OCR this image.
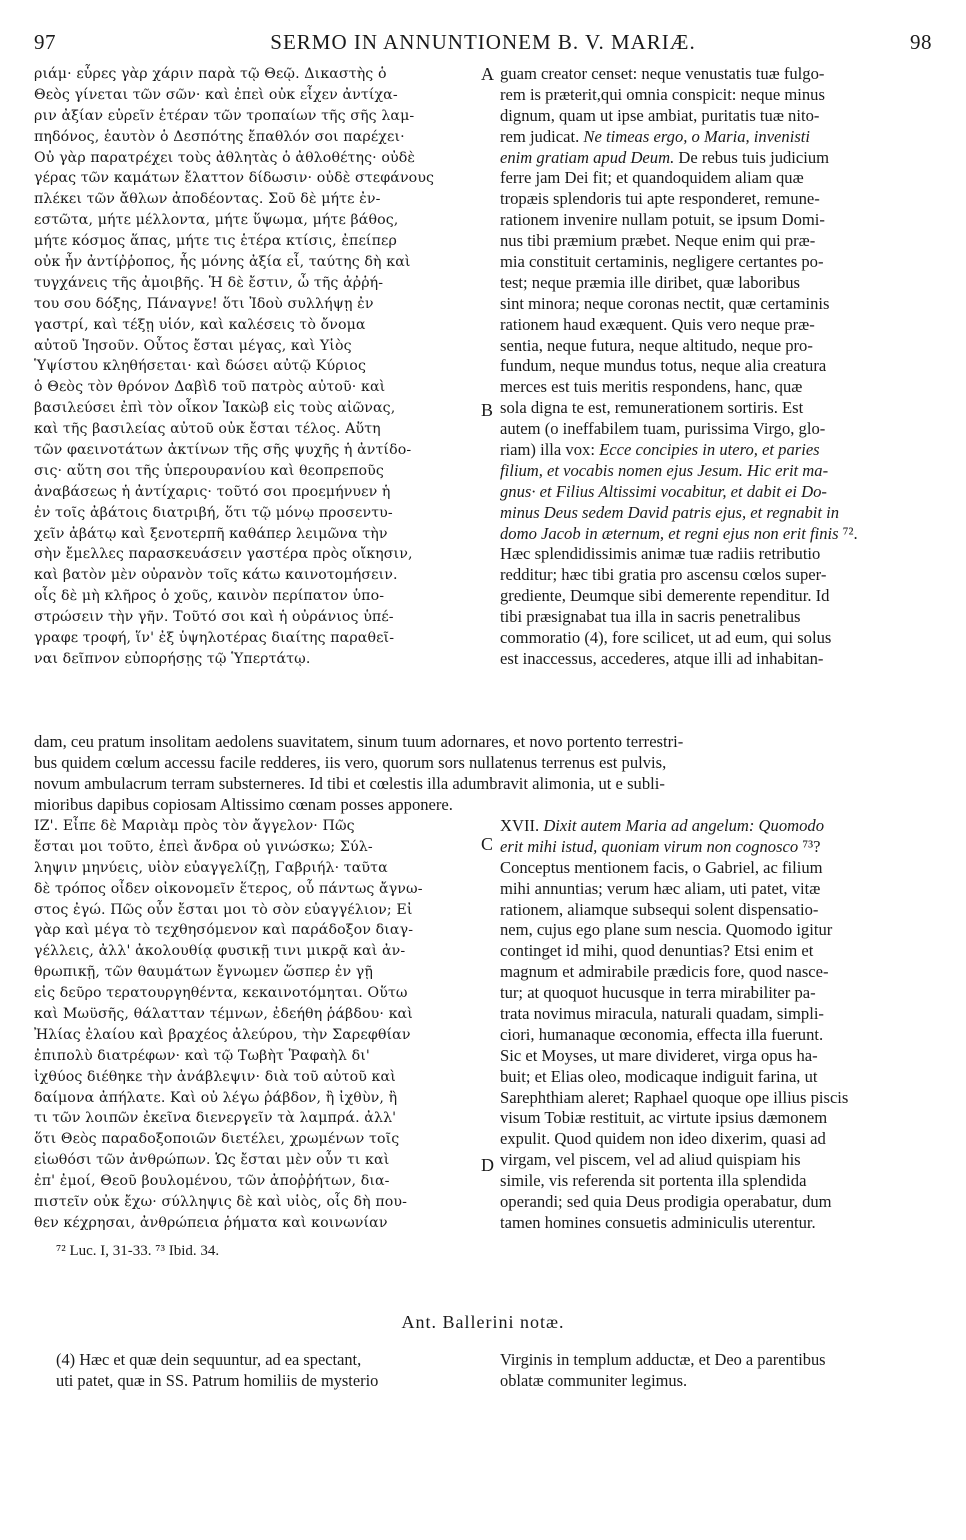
97	SERMO IN ANNUNTIONEM B. V. MARIÆ.	98
ριάμ· εὗρες γὰρ χάριν παρὰ τῷ Θεῷ. Δικαστὴς ὁ
Θεὸς γίνεται τῶν σῶν· καὶ ἐπεὶ οὐκ εἶχεν ἀντίχα-
ριν ἀξίαν εὑρεῖν ἑτέραν τῶν τροπαίων τῆς σῆς λαμ-
πηδόνος, ἑαυτὸν ὁ Δεσπότης ἔπαθλόν σοι παρέχει·
Οὐ γὰρ παρατρέχει τοὺς ἀθλητὰς ὁ ἀθλοθέτης· οὐδὲ
γέρας τῶν καμάτων ἔλαττον δίδωσιν· οὐδὲ στεφάνους
πλέκει τῶν ἄθλων ἀποδέοντας. Σοῦ δὲ μήτε ἐν-
εστῶτα, μήτε μέλλοντα, μήτε ὕψωμα, μήτε βάθος,
μήτε κόσμος ἅπας, μήτε τις ἑτέρα κτίσις, ἐπείπερ
οὐκ ἦν ἀντίῤῥοπος, ἧς μόνης ἀξία εἶ, ταύτης δὴ καὶ
τυγχάνεις τῆς ἀμοιβῆς. Ἡ δὲ ἔστιν, ὦ τῆς ἀῤῥή-
του σου δόξης, Πάναγνε! ὅτι Ἰδοὺ συλλήψῃ ἐν
γαστρί, καὶ τέξῃ υἱόν, καὶ καλέσεις τὸ ὄνομα
αὐτοῦ Ἰησοῦν. Οὗτος ἔσται μέγας, καὶ Υἱὸς
Ὑψίστου κληθήσεται· καὶ δώσει αὐτῷ Κύριος
ὁ Θεὸς τὸν θρόνον Δαβὶδ τοῦ πατρὸς αὐτοῦ· καὶ
βασιλεύσει ἐπὶ τὸν οἶκον Ἰακὼβ εἰς τοὺς αἰῶνας,
καὶ τῆς βασιλείας αὐτοῦ οὐκ ἔσται τέλος. Αὕτη
τῶν φαεινοτάτων ἀκτίνων τῆς σῆς ψυχῆς ἡ ἀντίδο-
σις· αὕτη σοι τῆς ὑπερουρανίου καὶ θεοπρεποῦς
ἀναβάσεως ἡ ἀντίχαρις· τοῦτό σοι προεμήνυεν ἡ
ἐν τοῖς ἀβάτοις διατριβή, ὅτι τῷ μόνῳ προσεντυ-
χεῖν ἀβάτῳ καὶ ξενοτερπῆ καθάπερ λειμῶνα τὴν
σὴν ἔμελλες παρασκευάσειν γαστέρα πρὸς οἴκησιν,
καὶ βατὸν μὲν οὐρανὸν τοῖς κάτω καινοτομήσειν.
οἷς δὲ μὴ κλῆρος ὁ χοῦς, καινὸν περίπατον ὑπο-
στρώσειν τὴν γῆν. Τοῦτό σοι καὶ ἡ οὐράνιος ὑπέ-
γραφε τροφή, ἵν' ἐξ ὑψηλοτέρας διαίτης παραθεῖ-
ναι δεῖπνον εὐπορήσῃς τῷ Ὑπερτάτῳ.
guam creator censet: neque venustatis tuæ fulgo-
rem is præterit,qui omnia conspicit: neque minus
dignum, quam ut ipse ambiat, puritatis tuæ nito-
rem judicat. Ne timeas ergo, o Maria, invenisti
enim gratiam apud Deum. De rebus tuis judicium
ferre jam Dei fit; et quandoquidem aliam quæ
tropæis splendoris tui apte responderet, remune-
rationem invenire nullam potuit, se ipsum Domi-
nus tibi præmium præbet. Neque enim qui præ-
mia constituit certaminis, negligere certantes po-
test; neque præmia ille diribet, quæ laboribus
sint minora; neque coronas nectit, quæ certaminis
rationem haud exæquent. Quis vero neque præ-
sentia, neque futura, neque altitudo, neque pro-
fundum, neque mundus totus, neque alia creatura
merces est tuis meritis respondens, hanc, quæ
sola digna te est, remunerationem sortiris. Est
autem (o ineffabilem tuam, purissima Virgo, glo-
riam) illa vox: Ecce concipies in utero, et paries
filium, et vocabis nomen ejus Jesum. Hic erit ma-
gnus· et Filius Altissimi vocabitur, et dabit ei Do-
minus Deus sedem David patris ejus, et regnabit in
domo Jacob in æternum, et regni ejus non erit finis ⁷².
Hæc splendidissimis animæ tuæ radiis retributio
redditur; hæc tibi gratia pro ascensu cœlos super-
grediente, Deumque sibi demerente rependitur. Id
tibi præsignabat tua illa in sacris penetralibus
commoratio (4), fore scilicet, ut ad eum, qui solus
est inaccessus, accederes, atque illi ad inhabitan-
A
B
C
D
dam, ceu pratum insolitam aedolens suavitatem, sinum tuum adornares, et novo portento terrestri-
bus quidem cœlum accessu facile redderes, iis vero, quorum sors nullatenus terrenus est pulvis,
novum ambulacrum terram substerneres. Id tibi et cœlestis illa adumbravit alimonia, ut e subli-
mioribus dapibus copiosam Altissimo cœnam posses apponere.
ΙΖ'. Εἶπε δὲ Μαριὰμ πρὸς τὸν ἄγγελον· Πῶς
ἔσται μοι τοῦτο, ἐπεὶ ἄνδρα οὐ γινώσκω; Σύλ-
ληψιν μηνύεις, υἱὸν εὐαγγελίζῃ, Γαβριήλ· ταῦτα
δὲ τρόπος οἶδεν οἰκονομεῖν ἕτερος, οὗ πάντως ἄγνω-
στος ἐγώ. Πῶς οὖν ἔσται μοι τὸ σὸν εὐαγγέλιον; Εἰ
γὰρ καὶ μέγα τὸ τεχθησόμενον καὶ παράδοξον διαγ-
γέλλεις, ἀλλ' ἀκολουθίᾳ φυσικῇ τινι μικρᾷ καὶ ἀν-
θρωπικῇ, τῶν θαυμάτων ἔγνωμεν ὥσπερ ἐν γῇ
εἰς δεῦρο τερατουργηθέντα, κεκαινοτόμηται. Οὕτω
καὶ Μωϋσῆς, θάλατταν τέμνων, ἐδεήθη ῥάβδου· καὶ
Ἠλίας ἐλαίου καὶ βραχέος ἀλεύρου, τὴν Σαρεφθίαν
ἐπιπολὺ διατρέφων· καὶ τῷ Τωβὴτ Ῥαφαὴλ δι'
ἰχθύος διέθηκε τὴν ἀνάβλεψιν· διὰ τοῦ αὐτοῦ καὶ
δαίμονα ἀπήλατε. Καὶ οὐ λέγω ῥάβδον, ἢ ἰχθὺν, ἢ
τι τῶν λοιπῶν ἐκεῖνα διενεργεῖν τὰ λαμπρά. ἀλλ'
ὅτι Θεὸς παραδοξοποιῶν διετέλει, χρωμένων τοῖς
εἰωθόσι τῶν ἀνθρώπων. Ὡς ἔσται μὲν οὖν τι καὶ
ἐπ' ἐμοί, Θεοῦ βουλομένου, τῶν ἀποῤῥήτων, δια-
πιστεῖν οὐκ ἔχω· σύλληψις δὲ καὶ υἱὸς, οἷς δὴ που-
θεν κέχρησαι, ἀνθρώπεια ῥήματα καὶ κοινωνίαν
XVII. Dixit autem Maria ad angelum: Quomodo
erit mihi istud, quoniam virum non cognosco ⁷³?
Conceptus mentionem facis, o Gabriel, ac filium
mihi annuntias; verum hæc aliam, uti patet, vitæ
rationem, aliamque subsequi solent dispensatio-
nem, cujus ego plane sum nescia. Quomodo igitur
continget id mihi, quod denuntias? Etsi enim et
magnum et admirabile prædicis fore, quod nasce-
tur; at quoquot hucusque in terra mirabiliter pa-
trata novimus miracula, naturali quadam, simpli-
ciori, humanaque œconomia, effecta illa fuerunt.
Sic et Moyses, ut mare divideret, virga opus ha-
buit; et Elias oleo, modicaque indiguit farina, ut
Sarephthiam aleret; Raphael quoque ope illius piscis
visum Tobiæ restituit, ac virtute ipsius dæmonem
expulit. Quod quidem non ideo dixerim, quasi ad
virgam, vel piscem, vel ad aliud quispiam his
simile, vis referenda sit portenta illa splendida
operandi; sed quia Deus prodigia operabatur, dum
tamen homines consuetis adminiculis uterentur.
⁷² Luc. I, 31-33. ⁷³ Ibid. 34.
Ant. Ballerini notæ.
(4) Hæc et quæ dein sequuntur, ad ea spectant,
uti patet, quæ in SS. Patrum homiliis de mysterio
Virginis in templum adductæ, et Deo a parentibus
oblatæ communiter legimus.
